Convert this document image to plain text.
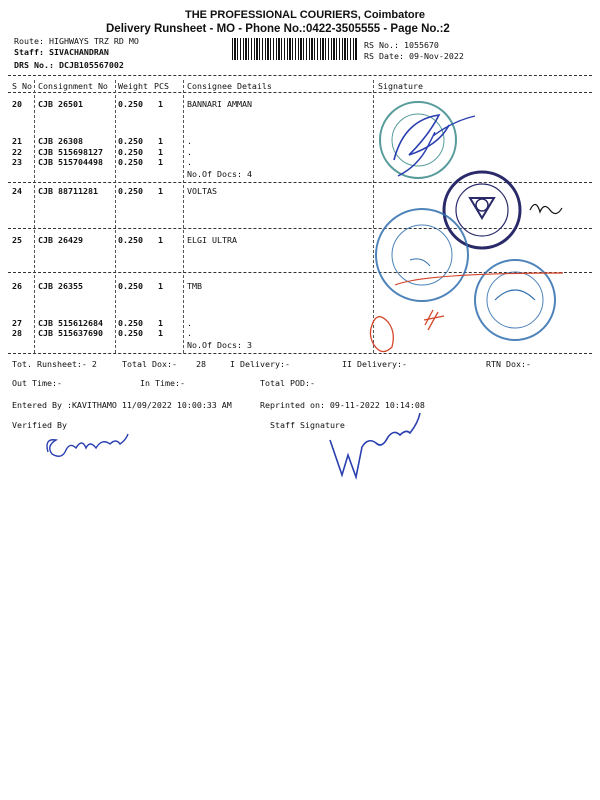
THE PROFESSIONAL COURIERS, Coimbatore
Delivery Runsheet - MO - Phone No.:0422-3505555 - Page No.:2
Route: HIGHWAYS TRZ RD MO
Staff: SIVACHANDRAN
DRS No.: DCJB105567002
RS No.: 1055670
RS Date: 09-Nov-2022
S No Consignment No Weight PCS Consignee Details	Signature
20 CJB 26501	0.250 1	BANNARI AMMAN
21 CJB 26308	0.250 1	.
22 CJB 515698127 0.250 1	.
23 CJB 515704498 0.250 1	.
No.Of Docs: 4
24 CJB 88711281 0.250 1	VOLTAS
25 CJB 26429	0.250 1	ELGI ULTRA
26 CJB 26355	0.250 1	TMB
27 CJB 515612684 0.250 1	.
28 CJB 515637690 0.250 1	.
No.Of Docs: 3
Tot. Runsheet:- 2	Total Dox:- 28	I Delivery:-	II Delivery:-	RTN Dox:-
Out Time:-	In Time:-	Total POD:-
Entered By :KAVITHAMO 11/09/2022 10:00:33 AM	Reprinted on: 09-11-2022 10:14:08
Verified By	Staff Signature
